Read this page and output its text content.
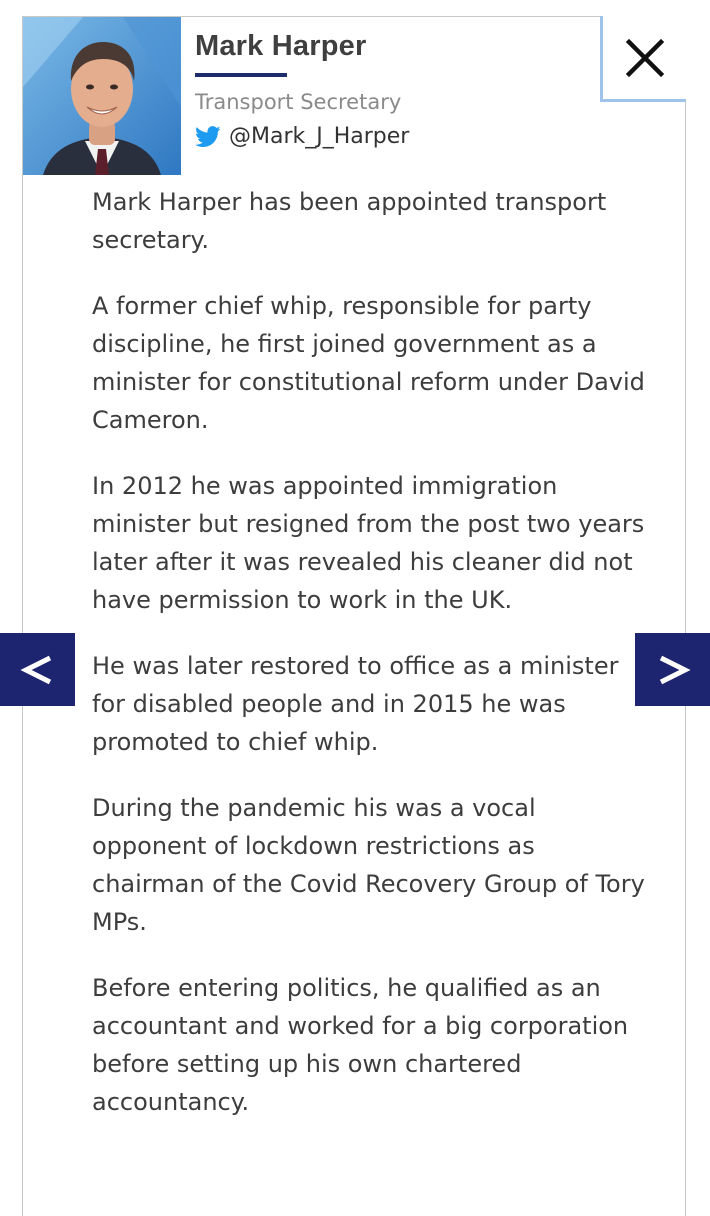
Mark Harper
Transport Secretary
@Mark_J_Harper

Mark Harper has been appointed transport secretary.

A former chief whip, responsible for party discipline, he first joined government as a minister for constitutional reform under David Cameron.

In 2012 he was appointed immigration minister but resigned from the post two years later after it was revealed his cleaner did not have permission to work in the UK.

He was later restored to office as a minister for disabled people and in 2015 he was promoted to chief whip.

During the pandemic his was a vocal opponent of lockdown restrictions as chairman of the Covid Recovery Group of Tory MPs.

Before entering politics, he qualified as an accountant and worked for a big corporation before setting up his own chartered accountancy.
